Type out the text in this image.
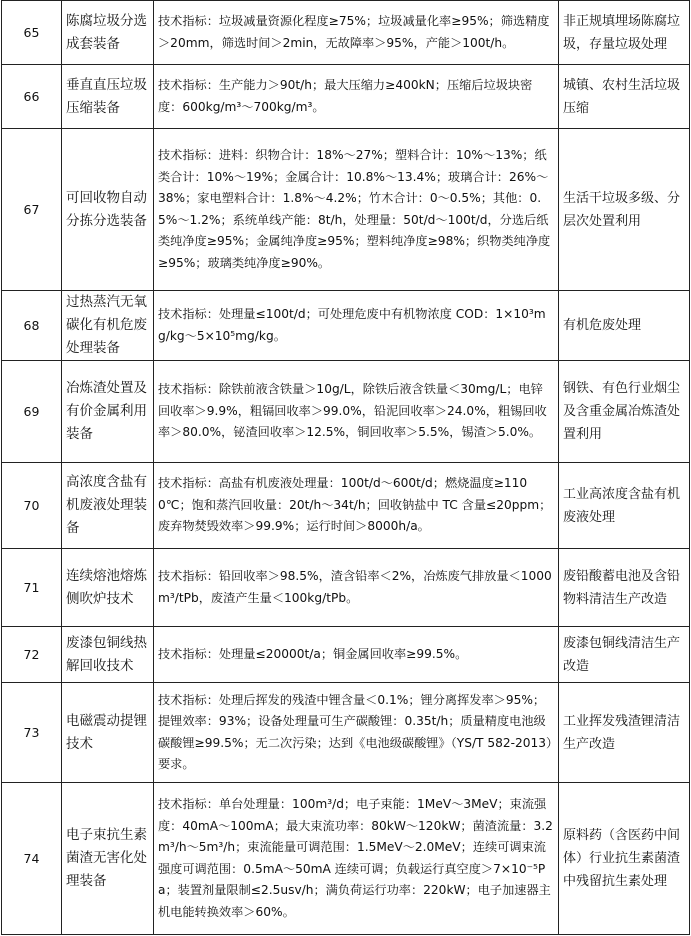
65	陈腐垃圾分选成套装备	技术指标：垃圾减量资源化程度≥75%；垃圾减量化率≥95%；筛选精度＞20mm，筛选时间＞2min，无故障率＞95%，产能＞100t/h。	非正规填埋场陈腐垃圾，存量垃圾处理
66	垂直直压垃圾压缩装备	技术指标：生产能力＞90t/h；最大压缩力≥400kN；压缩后垃圾块密度：600kg/m³～700kg/m³。	城镇、农村生活垃圾压缩
67	可回收物自动分拣分选装备	技术指标：进料：织物合计：18%～27%；塑料合计：10%～13%；纸类合计：10%～19%；金属合计：10.8%～13.4%；玻璃合计：26%～38%；家电塑料合计：1.8%～4.2%；竹木合计：0～0.5%；其他：0.5%～1.2%；系统单线产能：8t/h，处理量：50t/d～100t/d，分选后纸类纯净度≥95%；金属纯净度≥95%；塑料纯净度≥98%；织物类纯净度≥95%；玻璃类纯净度≥90%。	生活干垃圾多级、分层次处置利用
68	过热蒸汽无氧碳化有机危废处理装备	技术指标：处理量≤100t/d；可处理危废中有机物浓度 COD：1×10³mg/kg～5×10⁵mg/kg。	有机危废处理
69	冶炼渣处置及有价金属利用装备	技术指标：除铁前液含铁量＞10g/L，除铁后液含铁量＜30mg/L；电锌回收率＞9.9%，粗镉回收率＞99.0%，铅泥回收率＞24.0%，粗锡回收率＞80.0%，铋渣回收率＞12.5%，铜回收率＞5.5%，锡渣＞5.0%。	钢铁、有色行业烟尘及含重金属冶炼渣处置利用
70	高浓度含盐有机废液处理装备	技术指标：高盐有机废液处理量：100t/d～600t/d；燃烧温度≥1100℃；饱和蒸汽回收量：20t/h～34t/h；回收钠盐中 TC 含量≤20ppm；废弃物焚毁效率＞99.9%；运行时间＞8000h/a。	工业高浓度含盐有机废液处理
71	连续熔池熔炼侧吹炉技术	技术指标：铅回收率＞98.5%，渣含铅率＜2%，冶炼废气排放量＜1000m³/tPb，废渣产生量＜100kg/tPb。	废铅酸蓄电池及含铅物料清洁生产改造
72	废漆包铜线热解回收技术	技术指标：处理量≤20000t/a；铜金属回收率≥99.5%。	废漆包铜线清洁生产改造
73	电磁震动提锂技术	技术指标：处理后挥发的残渣中锂含量＜0.1%；锂分离挥发率＞95%；提锂效率：93%；设备处理量可生产碳酸锂：0.35t/h；质量精度电池级碳酸锂≥99.5%；无二次污染；达到《电池级碳酸锂》（YS/T 582-2013）要求。	工业挥发残渣锂清洁生产改造
74	电子束抗生素菌渣无害化处理装备	技术指标：单台处理量：100m³/d；电子束能：1MeV～3MeV；束流强度：40mA～100mA；最大束流功率：80kW～120kW；菌渣流量：3.2m³/h～5m³/h；束流能量可调范围：1.5MeV～2.0MeV；连续可调束流强度可调范围：0.5mA～50mA 连续可调；负载运行真空度＞7×10⁻⁵Pa；装置剂量限制≤2.5usv/h；满负荷运行功率：220kW；电子加速器主机电能转换效率＞60%。	原料药（含医药中间体）行业抗生素菌渣中残留抗生素处理
